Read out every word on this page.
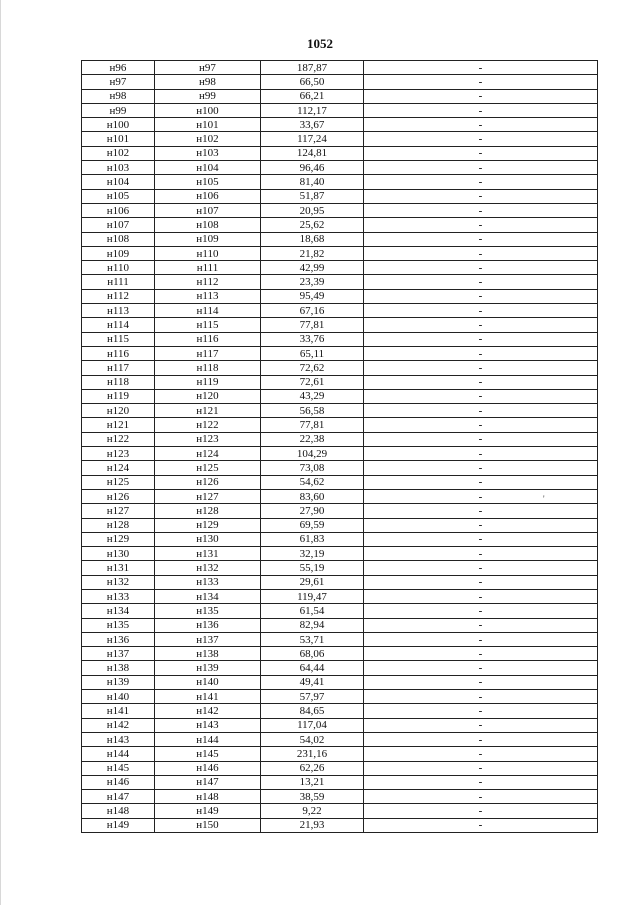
1052
н96	н97	187,87	-
н97	н98	66,50	-
н98	н99	66,21	-
н99	н100	112,17	-
н100	н101	33,67	-
н101	н102	117,24	-
н102	н103	124,81	-
н103	н104	96,46	-
н104	н105	81,40	-
н105	н106	51,87	-
н106	н107	20,95	-
н107	н108	25,62	-
н108	н109	18,68	-
н109	н110	21,82	-
н110	н111	42,99	-
н111	н112	23,39	-
н112	н113	95,49	-
н113	н114	67,16	-
н114	н115	77,81	-
н115	н116	33,76	-
н116	н117	65,11	-
н117	н118	72,62	-
н118	н119	72,61	-
н119	н120	43,29	-
н120	н121	56,58	-
н121	н122	77,81	-
н122	н123	22,38	-
н123	н124	104,29	-
н124	н125	73,08	-
н125	н126	54,62	-
н126	н127	83,60	-
н127	н128	27,90	-
н128	н129	69,59	-
н129	н130	61,83	-
н130	н131	32,19	-
н131	н132	55,19	-
н132	н133	29,61	-
н133	н134	119,47	-
н134	н135	61,54	-
н135	н136	82,94	-
н136	н137	53,71	-
н137	н138	68,06	-
н138	н139	64,44	-
н139	н140	49,41	-
н140	н141	57,97	-
н141	н142	84,65	-
н142	н143	117,04	-
н143	н144	54,02	-
н144	н145	231,16	-
н145	н146	62,26	-
н146	н147	13,21	-
н147	н148	38,59	-
н148	н149	9,22	-
н149	н150	21,93	-
'
